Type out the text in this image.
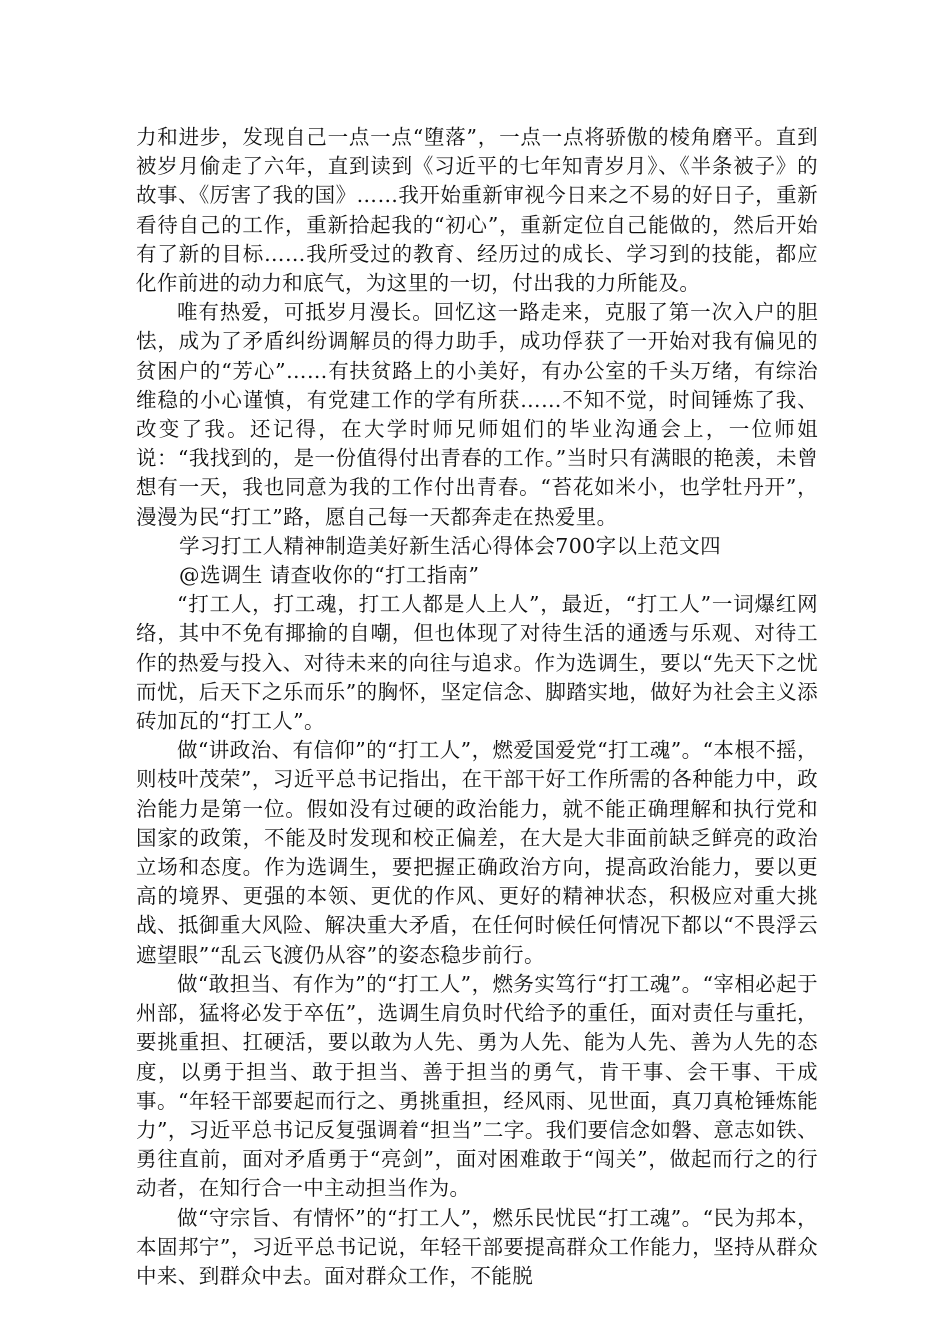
力和进步，发现自己一点一点“堕落”，一点一点将骄傲的棱角磨平。直到被岁月偷走了六年，直到读到《习近平的七年知青岁月》、《半条被子》的故事、《厉害了我的国》……我开始重新审视今日来之不易的好日子，重新看待自己的工作，重新拾起我的“初心”，重新定位自己能做的，然后开始有了新的目标……我所受过的教育、经历过的成长、学习到的技能，都应化作前进的动力和底气，为这里的一切，付出我的力所能及。

唯有热爱，可抵岁月漫长。回忆这一路走来，克服了第一次入户的胆怯，成为了矛盾纠纷调解员的得力助手，成功俘获了一开始对我有偏见的贫困户的“芳心”……有扶贫路上的小美好，有办公室的千头万绪，有综治维稳的小心谨慎，有党建工作的学有所获……不知不觉，时间锤炼了我、改变了我。还记得，在大学时师兄师姐们的毕业沟通会上，一位师姐说：“我找到的，是一份值得付出青春的工作。”当时只有满眼的艳羡，未曾想有一天，我也同意为我的工作付出青春。“苔花如米小，也学牡丹开”，漫漫为民“打工”路，愿自己每一天都奔走在热爱里。

学习打工人精神制造美好新生活心得体会700字以上范文四

@选调生 请查收你的“打工指南”

“打工人，打工魂，打工人都是人上人”，最近，“打工人”一词爆红网络，其中不免有揶揄的自嘲，但也体现了对待生活的通透与乐观、对待工作的热爱与投入、对待未来的向往与追求。作为选调生，要以“先天下之忧而忧，后天下之乐而乐”的胸怀，坚定信念、脚踏实地，做好为社会主义添砖加瓦的“打工人”。

做“讲政治、有信仰”的“打工人”，燃爱国爱党“打工魂”。“本根不摇，则枝叶茂荣”，习近平总书记指出，在干部干好工作所需的各种能力中，政治能力是第一位。假如没有过硬的政治能力，就不能正确理解和执行党和国家的政策，不能及时发现和校正偏差，在大是大非面前缺乏鲜亮的政治立场和态度。作为选调生，要把握正确政治方向，提高政治能力，要以更高的境界、更强的本领、更优的作风、更好的精神状态，积极应对重大挑战、抵御重大风险、解决重大矛盾，在任何时候任何情况下都以“不畏浮云遮望眼”“乱云飞渡仍从容”的姿态稳步前行。

做“敢担当、有作为”的“打工人”，燃务实笃行“打工魂”。“宰相必起于州部，猛将必发于卒伍”，选调生肩负时代给予的重任，面对责任与重托，要挑重担、扛硬活，要以敢为人先、勇为人先、能为人先、善为人先的态度，以勇于担当、敢于担当、善于担当的勇气，肯干事、会干事、干成事。“年轻干部要起而行之、勇挑重担，经风雨、见世面，真刀真枪锤炼能力”，习近平总书记反复强调着“担当”二字。我们要信念如磐、意志如铁、勇往直前，面对矛盾勇于“亮剑”，面对困难敢于“闯关”，做起而行之的行动者，在知行合一中主动担当作为。

做“守宗旨、有情怀”的“打工人”，燃乐民忧民“打工魂”。“民为邦本，本固邦宁”，习近平总书记说，年轻干部要提高群众工作能力，坚持从群众中来、到群众中去。面对群众工作，不能脱
